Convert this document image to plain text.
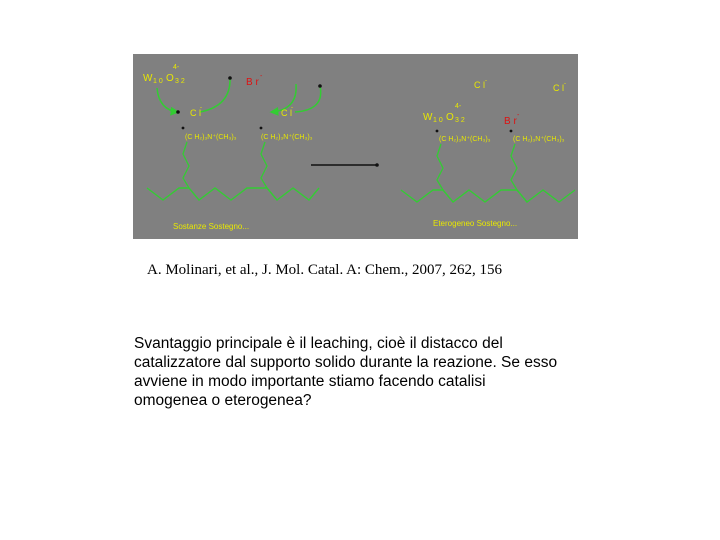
W 1 0 O 3 2
4-
B r
-
C l -	C l -
(C H₂)₃N⁺(CH₃)₃	(C H₂)₃N⁺(CH₃)₃
Sostanze Sostegno...
C l -
C l -
W 1 0 O 3 2
4-
B r
-
(C H₂)₃N⁺(CH₃)₃	(C H₂)₃N⁺(CH₃)₃
Eterogeneo Sostegno...
A. Molinari, et al., J. Mol. Catal. A: Chem., 2007, 262, 156
Svantaggio principale è il leaching, cioè il distacco del
catalizzatore dal supporto solido durante la reazione. Se esso
avviene in modo importante stiamo facendo catalisi
omogenea o eterogenea?
